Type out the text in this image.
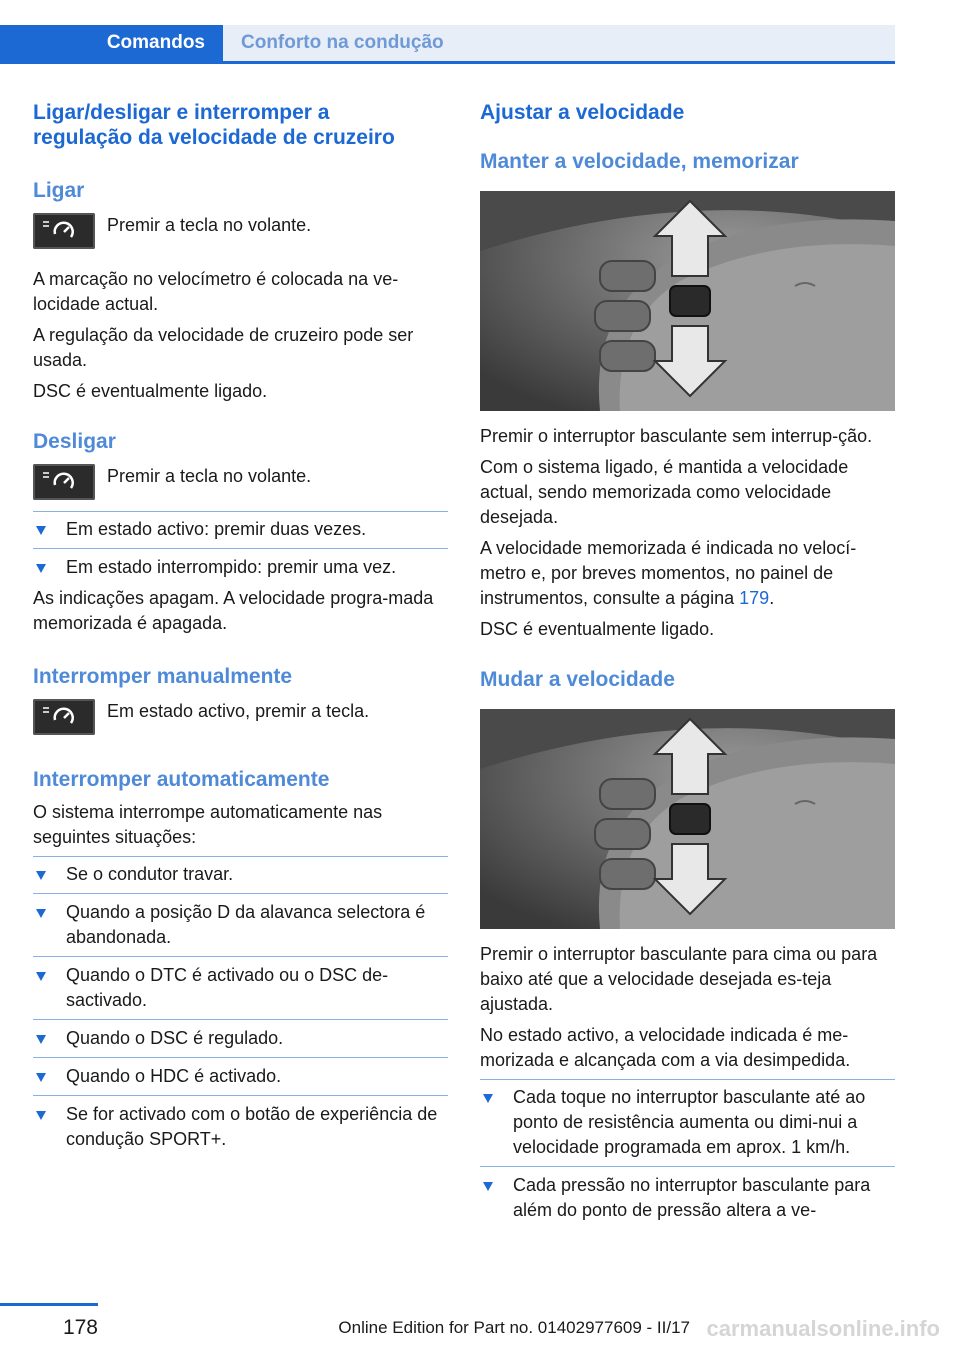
Comandos Conforto na condução
Ligar/desligar e interromper a regulação da velocidade de cruzeiro
Ligar

Premir a tecla no volante.

A marcação no velocímetro é colocada na ve-locidade actual.

A regulação da velocidade de cruzeiro pode ser usada.

DSC é eventualmente ligado.

Desligar

Premir a tecla no volante.

Em estado activo: premir duas vezes.
Em estado interrompido: premir uma vez.

As indicações apagam. A velocidade progra-mada memorizada é apagada.

Interromper manualmente

Em estado activo, premir a tecla.

Interromper automaticamente

O sistema interrompe automaticamente nas seguintes situações:

Se o condutor travar.
Quando a posição D da alavanca selectora é abandonada.
Quando o DTC é activado ou o DSC de-sactivado.
Quando o DSC é regulado.
Quando o HDC é activado.
Se for activado com o botão de experiência de condução SPORT+.
Ajustar a velocidade
Manter a velocidade, memorizar

Premir o interruptor basculante sem interrup-ção.

Com o sistema ligado, é mantida a velocidade actual, sendo memorizada como velocidade desejada.

A velocidade memorizada é indicada no velocí-metro e, por breves momentos, no painel de instrumentos, consulte a página 179.

DSC é eventualmente ligado.

Mudar a velocidade

Premir o interruptor basculante para cima ou para baixo até que a velocidade desejada es-teja ajustada.

No estado activo, a velocidade indicada é me-morizada e alcançada com a via desimpedida.

Cada toque no interruptor basculante até ao ponto de resistência aumenta ou dimi-nui a velocidade programada em aprox. 1 km/h.
Cada pressão no interruptor basculante para além do ponto de pressão altera a ve-
178	Online Edition for Part no. 01402977609 - II/17 carmanualsonline.info
